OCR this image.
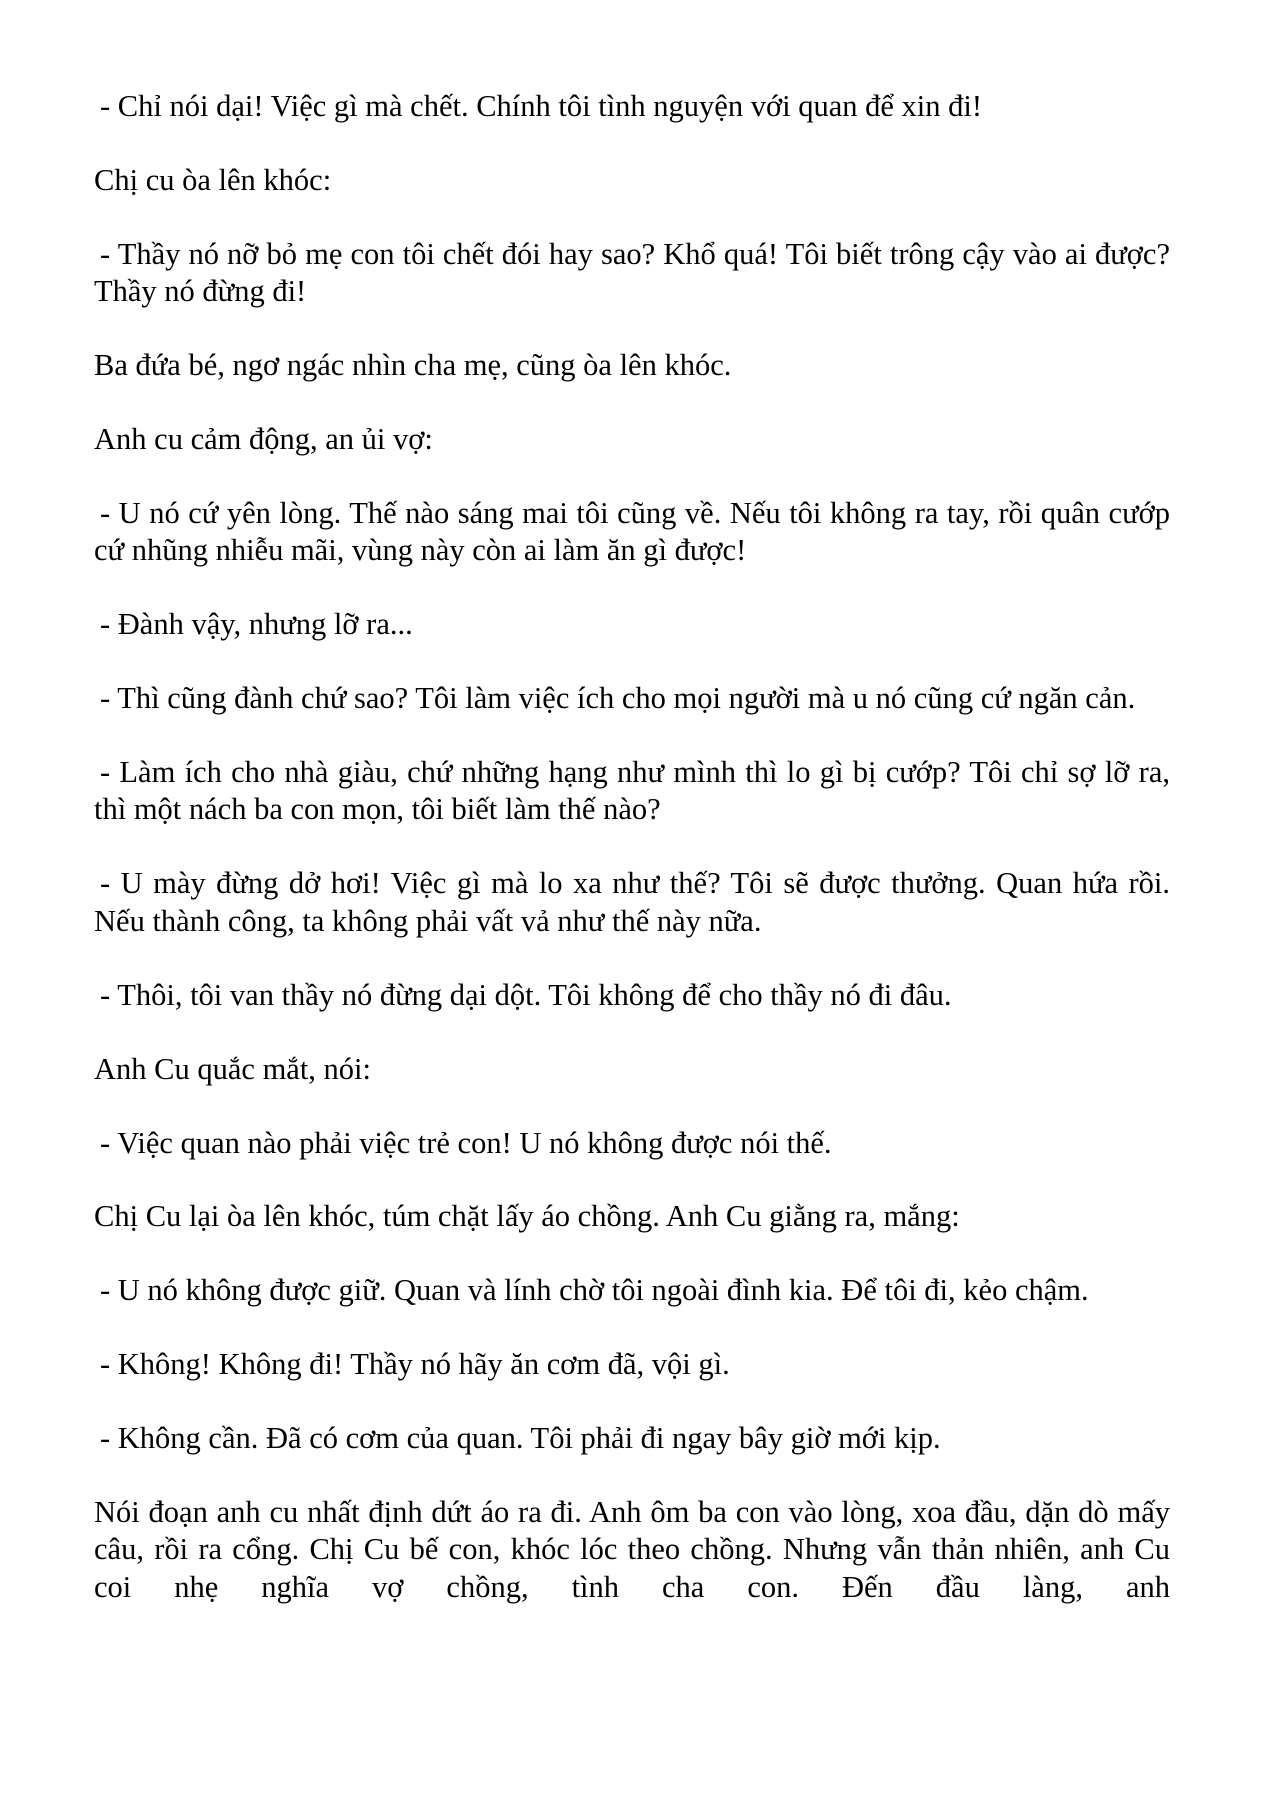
- Chỉ nói dại! Việc gì mà chết. Chính tôi tình nguyện với quan để xin đi!

Chị cu òa lên khóc:

- Thầy nó nỡ bỏ mẹ con tôi chết đói hay sao? Khổ quá! Tôi biết trông cậy vào ai được? Thầy nó đừng đi!

Ba đứa bé, ngơ ngác nhìn cha mẹ, cũng òa lên khóc.

Anh cu cảm động, an ủi vợ:

- U nó cứ yên lòng. Thế nào sáng mai tôi cũng về. Nếu tôi không ra tay, rồi quân cướp cứ nhũng nhiễu mãi, vùng này còn ai làm ăn gì được!

- Đành vậy, nhưng lỡ ra...

- Thì cũng đành chứ sao? Tôi làm việc ích cho mọi người mà u nó cũng cứ ngăn cản.

- Làm ích cho nhà giàu, chứ những hạng như mình thì lo gì bị cướp? Tôi chỉ sợ lỡ ra, thì một nách ba con mọn, tôi biết làm thế nào?

- U mày đừng dở hơi! Việc gì mà lo xa như thế? Tôi sẽ được thưởng. Quan hứa rồi. Nếu thành công, ta không phải vất vả như thế này nữa.

- Thôi, tôi van thầy nó đừng dại dột. Tôi không để cho thầy nó đi đâu.

Anh Cu quắc mắt, nói:

- Việc quan nào phải việc trẻ con! U nó không được nói thế.

Chị Cu lại òa lên khóc, túm chặt lấy áo chồng. Anh Cu giằng ra, mắng:

- U nó không được giữ. Quan và lính chờ tôi ngoài đình kia. Để tôi đi, kẻo chậm.

- Không! Không đi! Thầy nó hãy ăn cơm đã, vội gì.

- Không cần. Đã có cơm của quan. Tôi phải đi ngay bây giờ mới kịp.

Nói đoạn anh cu nhất định dứt áo ra đi. Anh ôm ba con vào lòng, xoa đầu, dặn dò mấy câu, rồi ra cổng. Chị Cu bế con, khóc lóc theo chồng. Nhưng vẫn thản nhiên, anh Cu coi nhẹ nghĩa vợ chồng, tình cha con. Đến đầu làng, anh
